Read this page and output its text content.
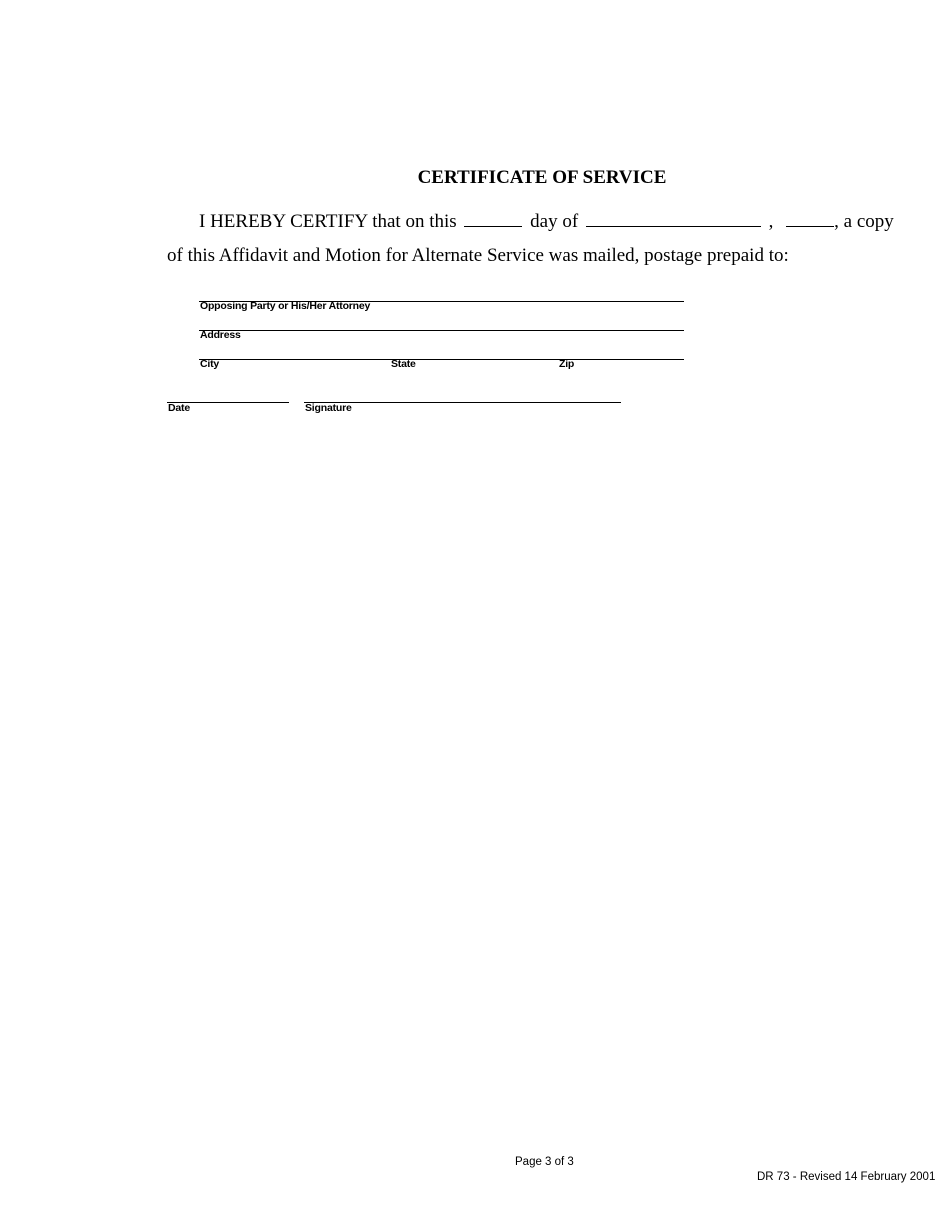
CERTIFICATE OF SERVICE
I HEREBY CERTIFY that on this	day of	,	, a copy
of this Affidavit and Motion for Alternate Service was mailed, postage prepaid to:
Opposing Party or His/Her Attorney
Address
City	State	Zip
Date	Signature
Page 3 of 3
DR 73 - Revised 14 February 2001
